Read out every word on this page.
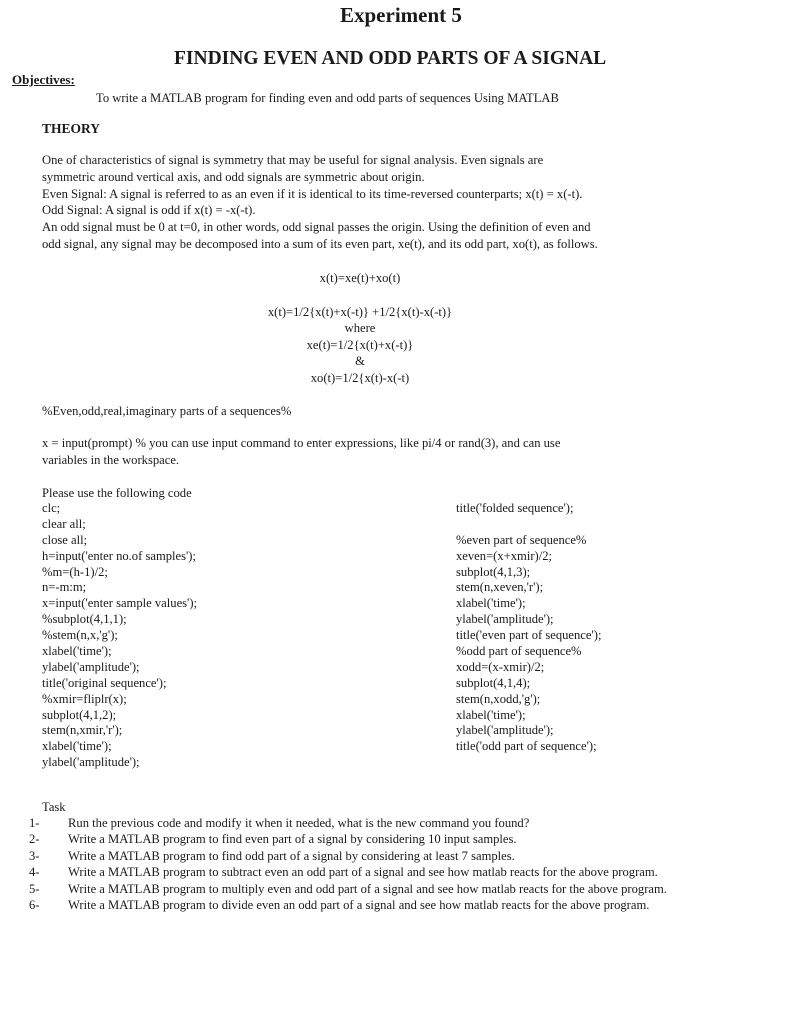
Experiment 5
FINDING EVEN AND ODD PARTS OF A SIGNAL
Objectives:
To write a MATLAB program for finding even and odd parts of sequences Using MATLAB
THEORY
One of characteristics of signal is symmetry that may be useful for signal analysis. Even signals are
symmetric around vertical axis, and odd signals are symmetric about origin.
Even Signal: A signal is referred to as an even if it is identical to its time-reversed counterparts; x(t) = x(-t).
Odd Signal: A signal is odd if x(t) = -x(-t).
An odd signal must be 0 at t=0, in other words, odd signal passes the origin. Using the definition of even and
odd signal, any signal may be decomposed into a sum of its even part, xe(t), and its odd part, xo(t), as follows.
x(t)=xe(t)+xo(t)
x(t)=1/2{x(t)+x(-t)} +1/2{x(t)-x(-t)}
where
xe(t)=1/2{x(t)+x(-t)}
&
xo(t)=1/2{x(t)-x(-t)
%Even,odd,real,imaginary parts of a sequences%
x = input(prompt) % you can use input command to enter expressions, like pi/4 or rand(3), and can use
variables in the workspace.
Please use the following code
clc;
clear all;
close all;
h=input('enter no.of samples');
%m=(h-1)/2;
n=-m:m;
x=input('enter sample values');
%subplot(4,1,1);
%stem(n,x,'g');
xlabel('time');
ylabel('amplitude');
title('original sequence');
%xmir=fliplr(x);
subplot(4,1,2);
stem(n,xmir,'r');
xlabel('time');
ylabel('amplitude');
title('folded sequence');
%even part of sequence%
xeven=(x+xmir)/2;
subplot(4,1,3);
stem(n,xeven,'r');
xlabel('time');
ylabel('amplitude');
title('even part of sequence');
%odd part of sequence%
xodd=(x-xmir)/2;
subplot(4,1,4);
stem(n,xodd,'g');
xlabel('time');
ylabel('amplitude');
title('odd part of sequence');
Task
1- Run the previous code and modify it when it needed, what is the new command you found?
2- Write a MATLAB program to find even part of a signal by considering 10 input samples.
3- Write a MATLAB program to find odd part of a signal by considering at least 7 samples.
4- Write a MATLAB program to subtract even an odd part of a signal and see how matlab reacts for the above program.
5- Write a MATLAB program to multiply even and odd part of a signal and see how matlab reacts for the above program.
6- Write a MATLAB program to divide even an odd part of a signal and see how matlab reacts for the above program.
